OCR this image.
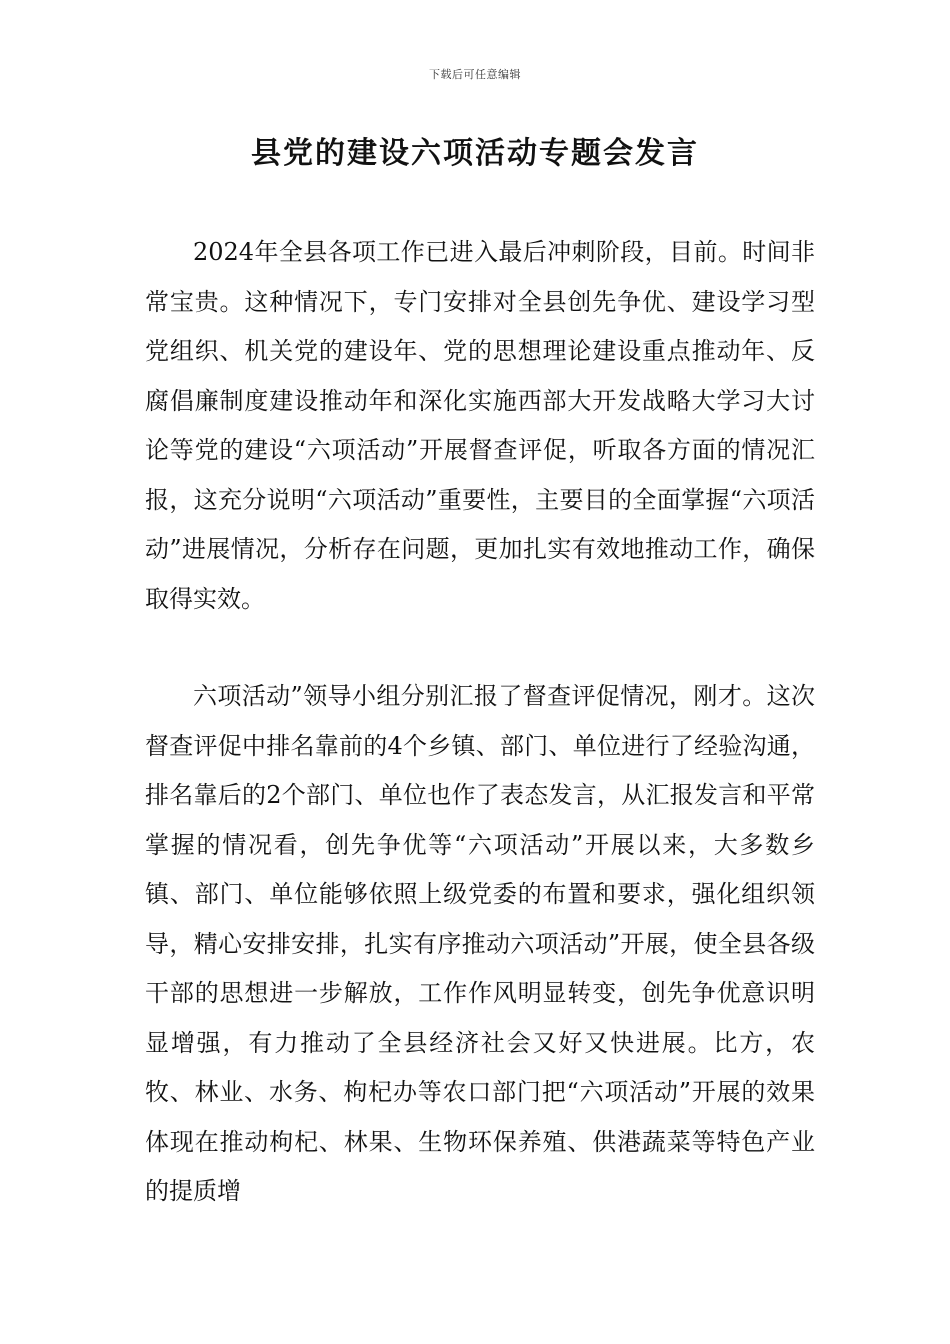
下载后可任意编辑
县党的建设六项活动专题会发言

2024年全县各项工作已进入最后冲刺阶段，目前。时间非常宝贵。这种情况下，专门安排对全县创先争优、建设学习型党组织、机关党的建设年、党的思想理论建设重点推动年、反腐倡廉制度建设推动年和深化实施西部大开发战略大学习大讨论等党的建设“六项活动”开展督查评促，听取各方面的情况汇报，这充分说明“六项活动”重要性，主要目的全面掌握“六项活动”进展情况，分析存在问题，更加扎实有效地推动工作，确保取得实效。

六项活动”领导小组分别汇报了督查评促情况，刚才。这次督查评促中排名靠前的4个乡镇、部门、单位进行了经验沟通，排名靠后的2个部门、单位也作了表态发言，从汇报发言和平常掌握的情况看，创先争优等“六项活动”开展以来，大多数乡镇、部门、单位能够依照上级党委的布置和要求，强化组织领导，精心安排安排，扎实有序推动六项活动”开展，使全县各级干部的思想进一步解放，工作作风明显转变，创先争优意识明显增强，有力推动了全县经济社会又好又快进展。比方，农牧、林业、水务、枸杞办等农口部门把“六项活动”开展的效果体现在推动枸杞、林果、生物环保养殖、供港蔬菜等特色产业的提质增
